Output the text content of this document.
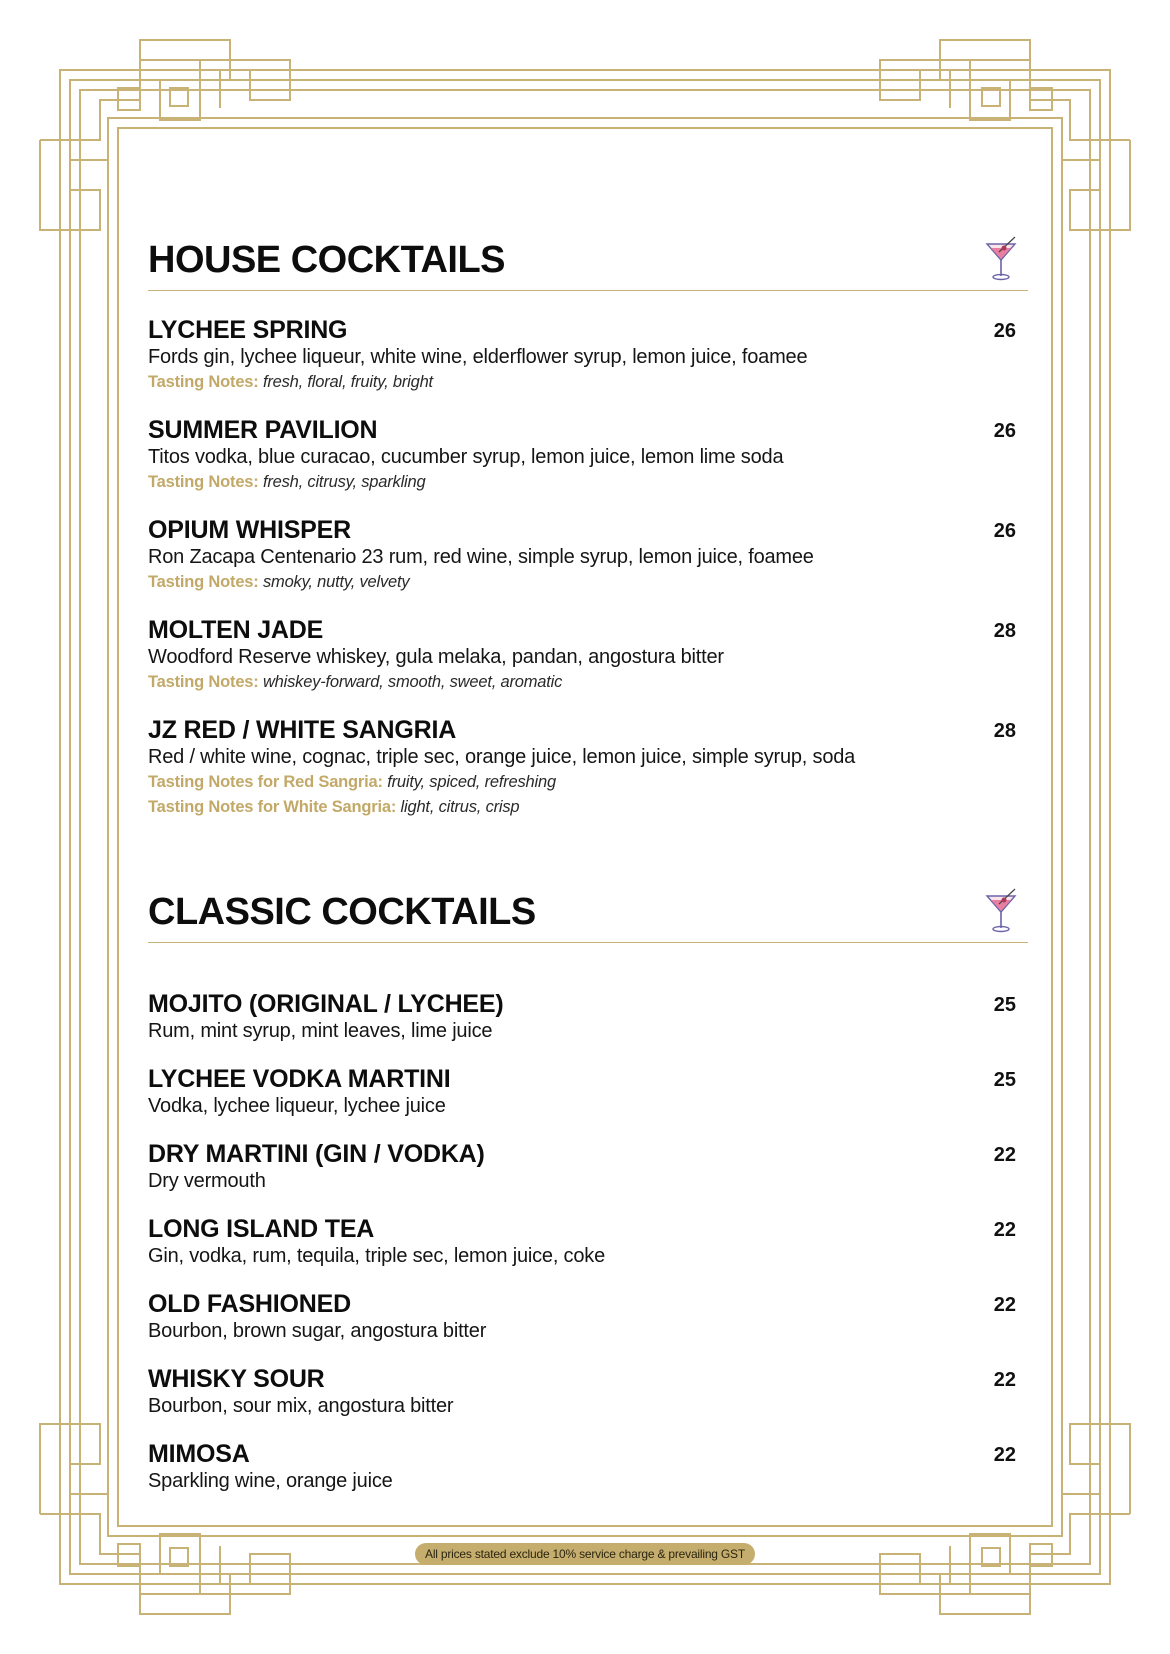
HOUSE COCKTAILS
LYCHEE SPRING	26
Fords gin, lychee liqueur, white wine, elderflower syrup, lemon juice, foamee
Tasting Notes: fresh, floral, fruity, bright
SUMMER PAVILION	26
Titos vodka, blue curacao, cucumber syrup, lemon juice, lemon lime soda
Tasting Notes: fresh, citrusy, sparkling
OPIUM WHISPER	26
Ron Zacapa Centenario 23 rum, red wine, simple syrup, lemon juice, foamee
Tasting Notes: smoky, nutty, velvety
MOLTEN JADE	28
Woodford Reserve whiskey, gula melaka, pandan, angostura bitter
Tasting Notes: whiskey-forward, smooth, sweet, aromatic
JZ RED / WHITE SANGRIA	28
Red / white wine, cognac, triple sec, orange juice, lemon juice, simple syrup, soda
Tasting Notes for Red Sangria: fruity, spiced, refreshing
Tasting Notes for White Sangria: light, citrus, crisp
CLASSIC COCKTAILS
MOJITO (ORIGINAL / LYCHEE)	25
Rum, mint syrup, mint leaves, lime juice
LYCHEE VODKA MARTINI	25
Vodka, lychee liqueur, lychee juice
DRY MARTINI (GIN / VODKA)	22
Dry vermouth
LONG ISLAND TEA	22
Gin, vodka, rum, tequila, triple sec, lemon juice, coke
OLD FASHIONED	22
Bourbon, brown sugar, angostura bitter
WHISKY SOUR	22
Bourbon, sour mix, angostura bitter
MIMOSA	22
Sparkling wine, orange juice
All prices stated exclude 10% service charge & prevailing GST
